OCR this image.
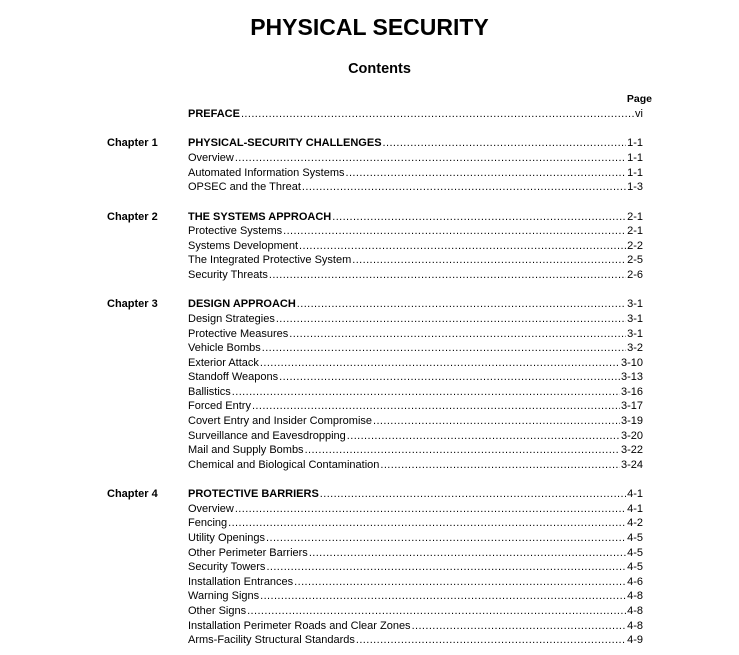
PHYSICAL SECURITY
Contents
Page
PREFACE .....	vi
Chapter 1	PHYSICAL-SECURITY CHALLENGES .....	1-1
Overview .....	1-1
Automated Information Systems .....	1-1
OPSEC and the Threat .....	1-3
Chapter 2	THE SYSTEMS APPROACH .....	2-1
Protective Systems .....	2-1
Systems Development .....	2-2
The Integrated Protective System .....	2-5
Security Threats .....	2-6
Chapter 3	DESIGN APPROACH .....	3-1
Design Strategies .....	3-1
Protective Measures .....	3-1
Vehicle Bombs .....	3-2
Exterior Attack .....	3-10
Standoff Weapons .....	3-13
Ballistics .....	3-16
Forced Entry .....	3-17
Covert Entry and Insider Compromise .....	3-19
Surveillance and Eavesdropping .....	3-20
Mail and Supply Bombs .....	3-22
Chemical and Biological Contamination .....	3-24
Chapter 4	PROTECTIVE BARRIERS .....	4-1
Overview .....	4-1
Fencing .....	4-2
Utility Openings .....	4-5
Other Perimeter Barriers .....	4-5
Security Towers .....	4-5
Installation Entrances .....	4-6
Warning Signs .....	4-8
Other Signs .....	4-8
Installation Perimeter Roads and Clear Zones .....	4-8
Arms-Facility Structural Standards .....	4-9
